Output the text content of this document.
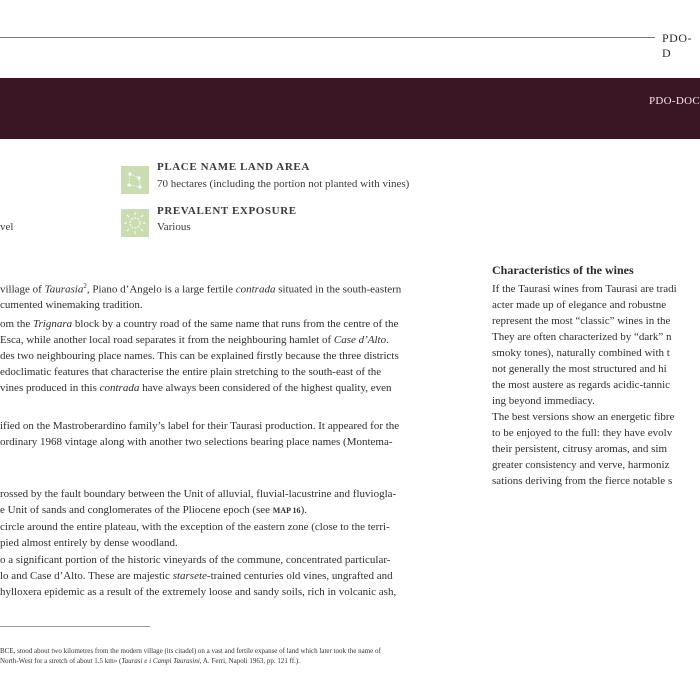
PDO-D
PDO-DOC
PLACE NAME LAND AREA
70 hectares (including the portion not planted with vines)
PREVALENT EXPOSURE
Various
vel
village of Taurasia$^2$, Piano d’Angelo is a large fertile contrada situated in the south-eastern
cumented winemaking tradition.
om the Trignara block by a country road of the same name that runs from the centre of the
Esca, while another local road separates it from the neighbouring hamlet of Case d’Alto.
des two neighbouring place names. This can be explained firstly because the three districts
edoclimatic features that characterise the entire plain stretching to the south-east of the
vines produced in this contrada have always been considered of the highest quality, even
ified on the Mastroberardino family’s label for their Taurasi production. It appeared for the
ordinary 1968 vintage along with another two selections bearing place names (Montema-
rossed by the fault boundary between the Unit of alluvial, fluvial-lacustrine and fluviogla-
e Unit of sands and conglomerates of the Pliocene epoch (see MAP 16).
circle around the entire plateau, with the exception of the eastern zone (close to the terri-
pied almost entirely by dense woodland.
o a significant portion of the historic vineyards of the commune, concentrated particular-
lo and Case d’Alto. These are majestic starsete-trained centuries old vines, ungrafted and
hylloxera epidemic as a result of the extremely loose and sandy soils, rich in volcanic ash,
Characteristics of the wines
If the Taurasi wines from Taurasi are tradi
acter made up of elegance and robustne
represent the most “classic” wines in the
They are often characterized by “dark” n
smoky tones), naturally combined with t
not generally the most structured and hi
the most austere as regards acidic-tannic
ing beyond immediacy.
The best versions show an energetic fibre
to be enjoyed to the full: they have evolv
their persistent, citrusy aromas, and sim
greater consistency and verve, harmoniz
sations deriving from the fierce notable s
BCE, stood about two kilometres from the modern village (its citadel) on a vast and fertile expanse of land which later took the name of
North-West for a stretch of about 1.5 km» (Taurasi e i Campi Taurasini, A. Ferri, Napoli 1963, pp. 121 ff.).
